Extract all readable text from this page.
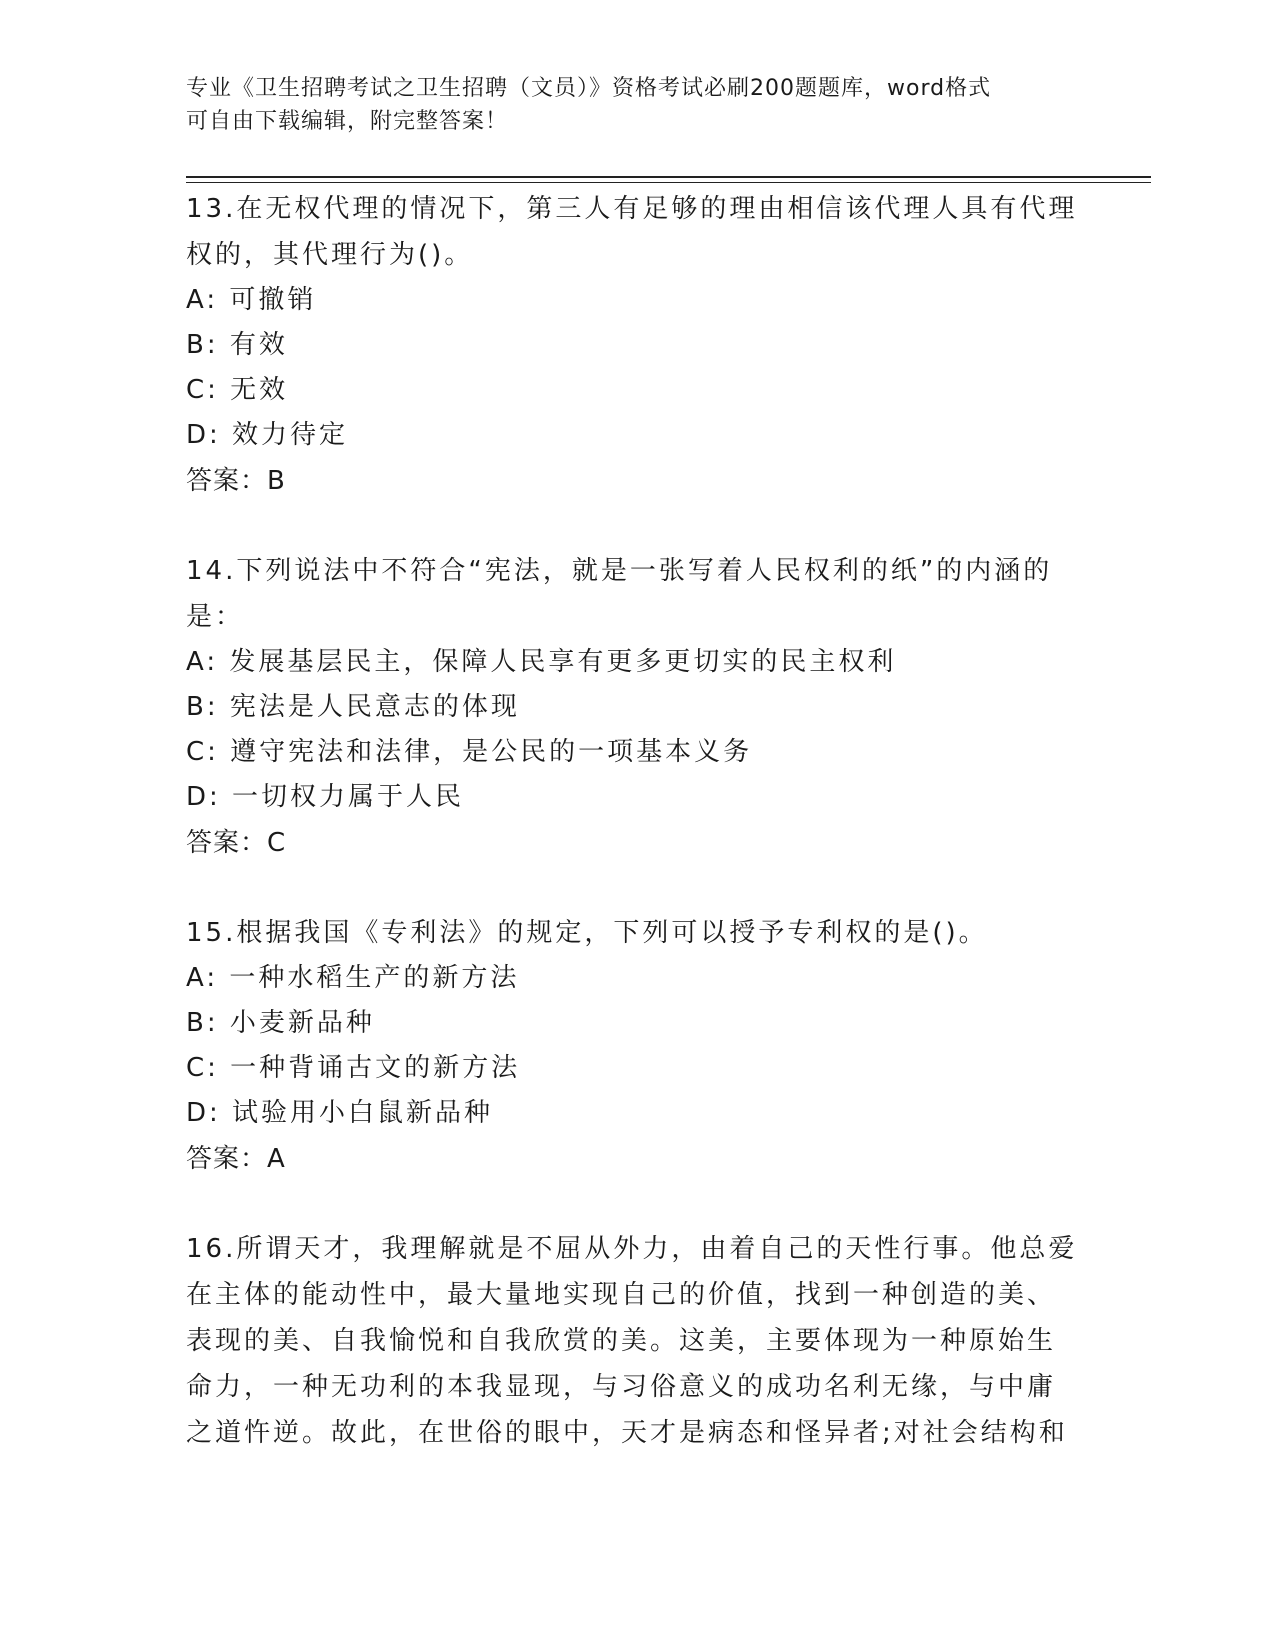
专业《卫生招聘考试之卫生招聘（文员）》资格考试必刷200题题库，word格式
可自由下载编辑，附完整答案！
13.在无权代理的情况下，第三人有足够的理由相信该代理人具有代理
权的，其代理行为()。
A: 可撤销
B: 有效
C: 无效
D: 效力待定
答案：B
14.下列说法中不符合“宪法，就是一张写着人民权利的纸”的内涵的
是：
A: 发展基层民主，保障人民享有更多更切实的民主权利
B: 宪法是人民意志的体现
C: 遵守宪法和法律，是公民的一项基本义务
D: 一切权力属于人民
答案：C
15.根据我国《专利法》的规定，下列可以授予专利权的是()。
A: 一种水稻生产的新方法
B: 小麦新品种
C: 一种背诵古文的新方法
D: 试验用小白鼠新品种
答案：A
16.所谓天才，我理解就是不屈从外力，由着自己的天性行事。他总爱
在主体的能动性中，最大量地实现自己的价值，找到一种创造的美、
表现的美、自我愉悦和自我欣赏的美。这美，主要体现为一种原始生
命力，一种无功利的本我显现，与习俗意义的成功名利无缘，与中庸
之道忤逆。故此，在世俗的眼中，天才是病态和怪异者;对社会结构和
